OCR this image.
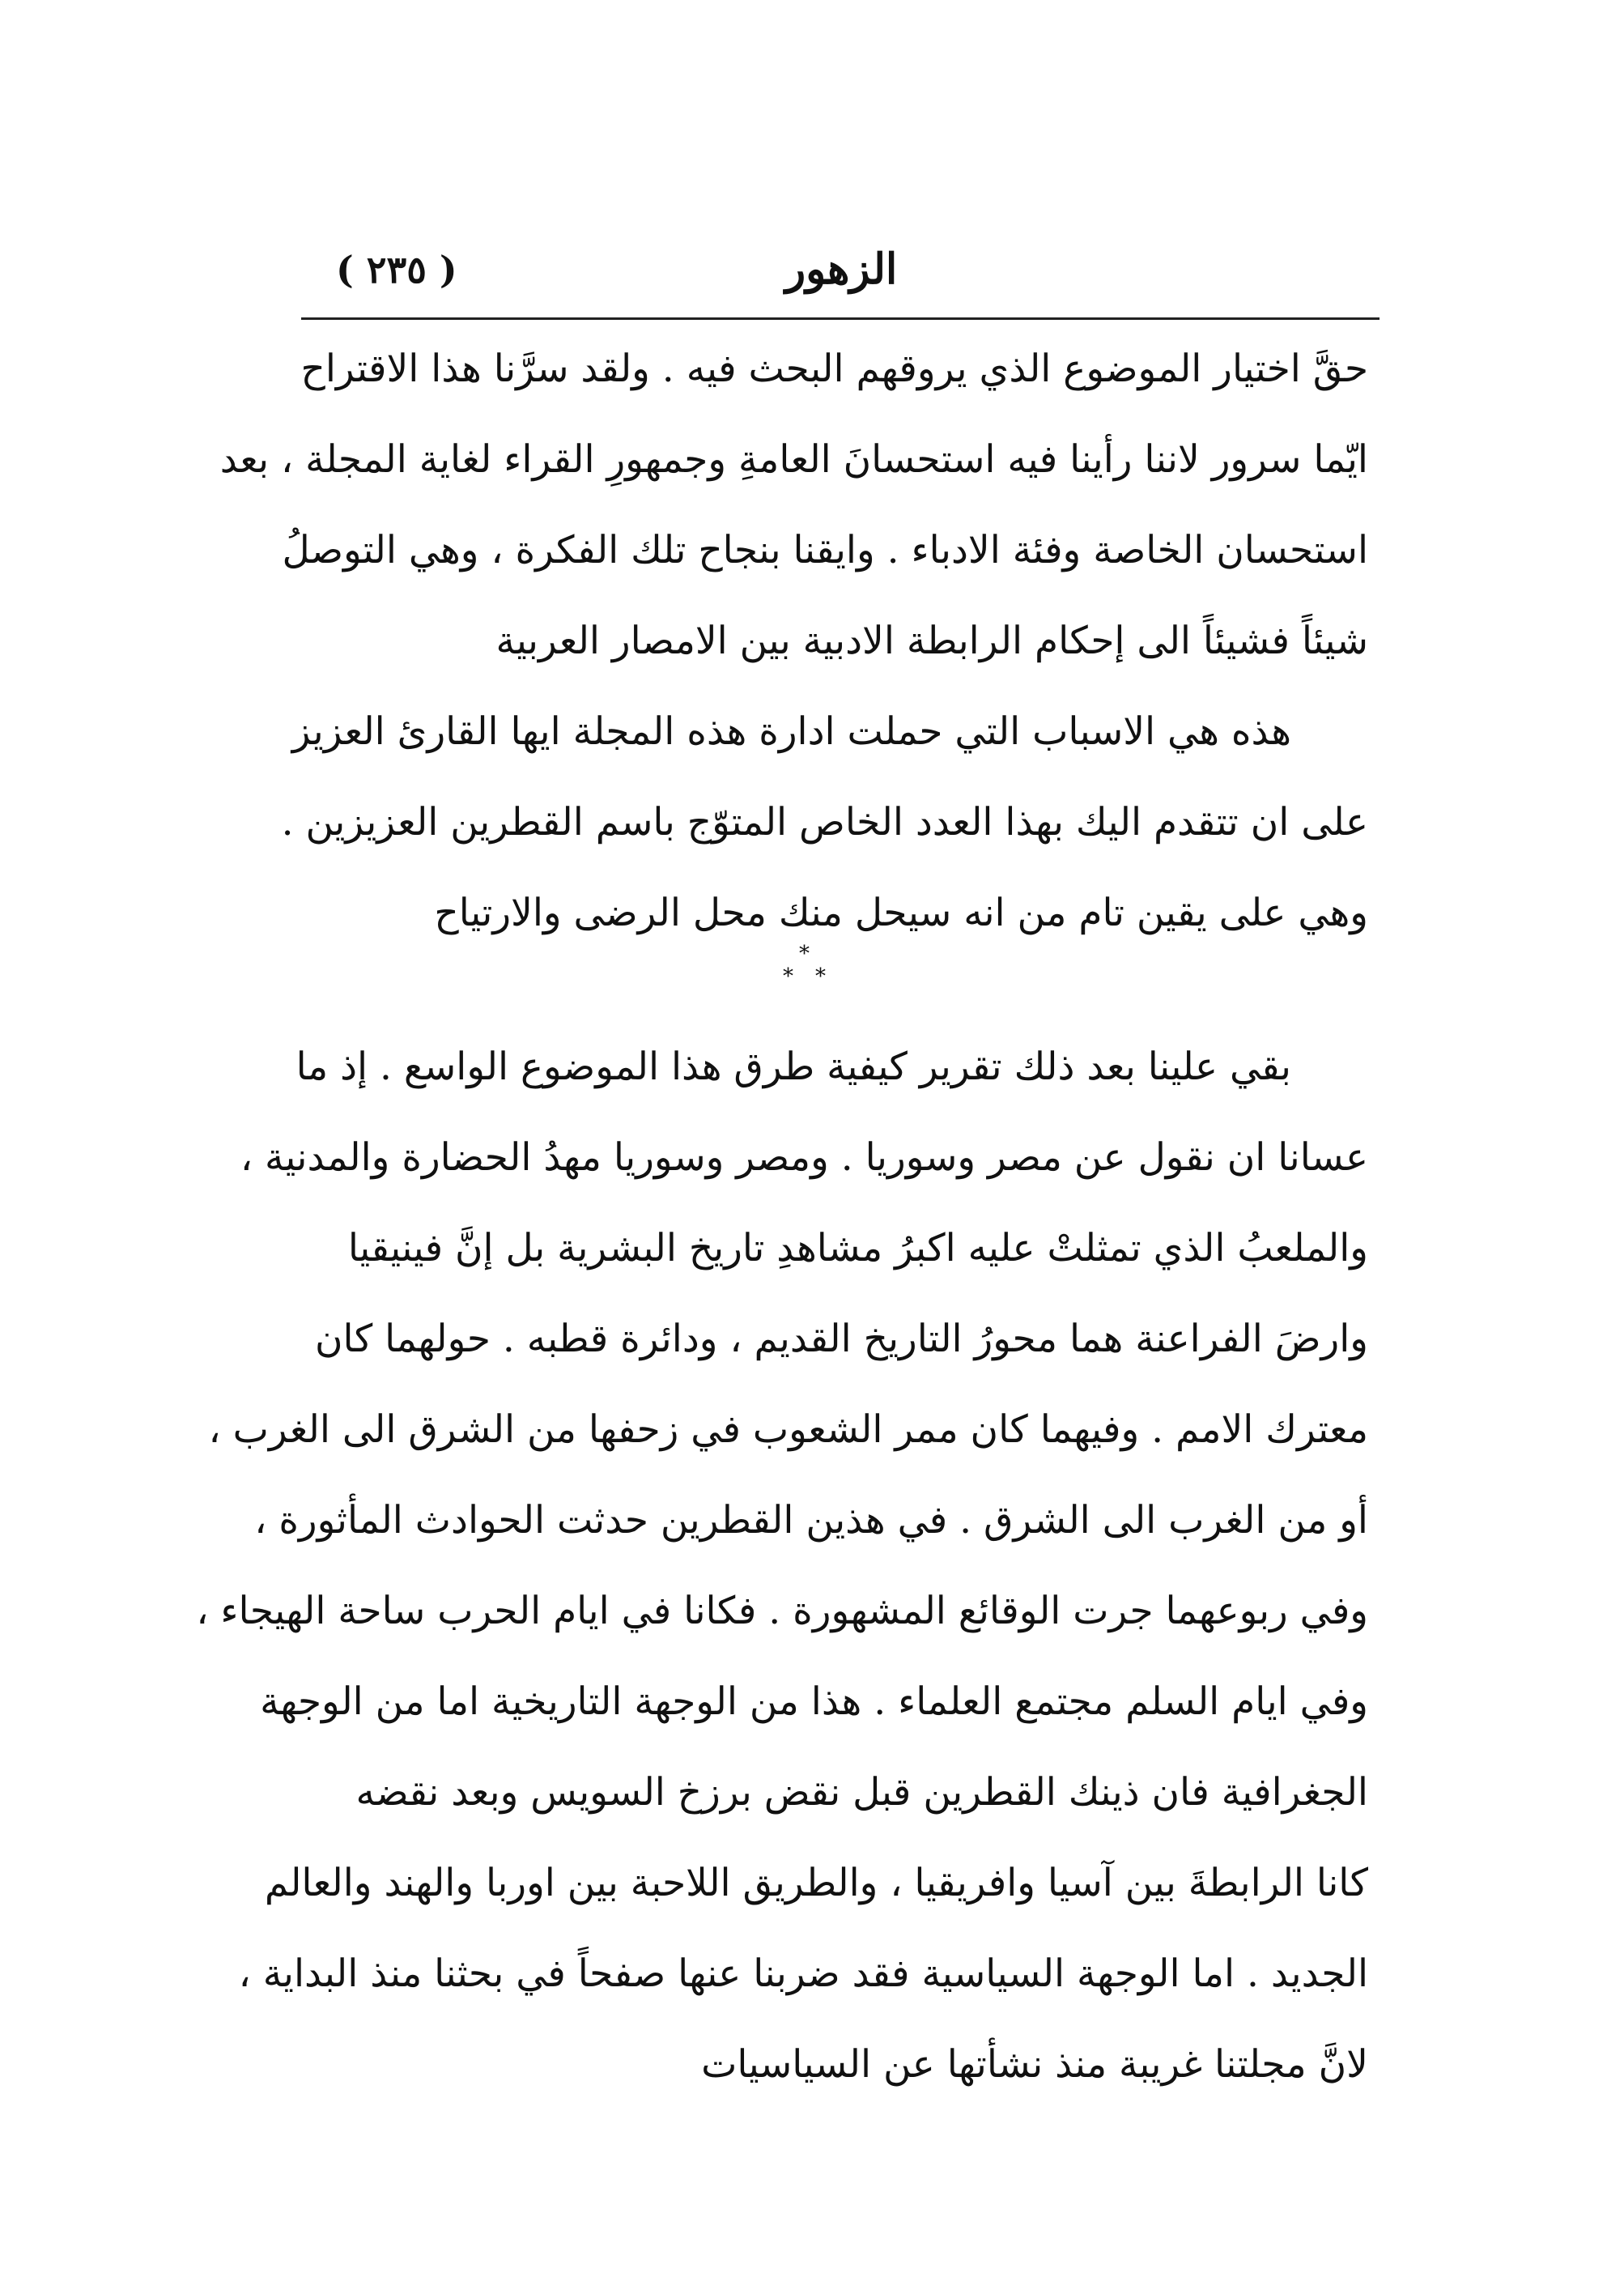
( ٢٣٥ )	الزهور
حقَّ اختيار الموضوع الذي يروقهم البحث فيه . ولقد سرَّنا هذا الاقتراح
ايّما سرور لاننا رأينا فيه استحسانَ العامةِ وجمهورِ القراء لغاية المجلة ، بعد
استحسان الخاصة وفئة الادباء . وايقنا بنجاح تلك الفكرة ، وهي التوصلُ
شيئاً فشيئاً الى إحكام الرابطة الادبية بين الامصار العربية
هذه هي الاسباب التي حملت ادارة هذه المجلة ايها القارئ العزيز
على ان تتقدم اليك بهذا العدد الخاص المتوّج باسم القطرين العزيزين .
وهي على يقين تام من انه سيحل منك محل الرضى والارتياح
*
*
*
بقي علينا بعد ذلك تقرير كيفية طرق هذا الموضوع الواسع . إذ ما
عسانا ان نقول عن مصر وسوريا . ومصر وسوريا مهدُ الحضارة والمدنية ،
والملعبُ الذي تمثلتْ عليه اكبرُ مشاهدِ تاريخ البشرية بل إنَّ فينيقيا
وارضَ الفراعنة هما محورُ التاريخ القديم ، ودائرة قطبه . حولهما كان
معترك الامم . وفيهما كان ممر الشعوب في زحفها من الشرق الى الغرب ،
أو من الغرب الى الشرق . في هذين القطرين حدثت الحوادث المأثورة ،
وفي ربوعهما جرت الوقائع المشهورة . فكانا في ايام الحرب ساحة الهيجاء ،
وفي ايام السلم مجتمع العلماء . هذا من الوجهة التاريخية اما من الوجهة
الجغرافية فان ذينك القطرين قبل نقض برزخ السويس وبعد نقضه
كانا الرابطةَ بين آسيا وافريقيا ، والطريق اللاحبة بين اوربا والهند والعالم
الجديد . اما الوجهة السياسية فقد ضربنا عنها صفحاً في بحثنا منذ البداية ،
لانَّ مجلتنا غريبة منذ نشأتها عن السياسيات
